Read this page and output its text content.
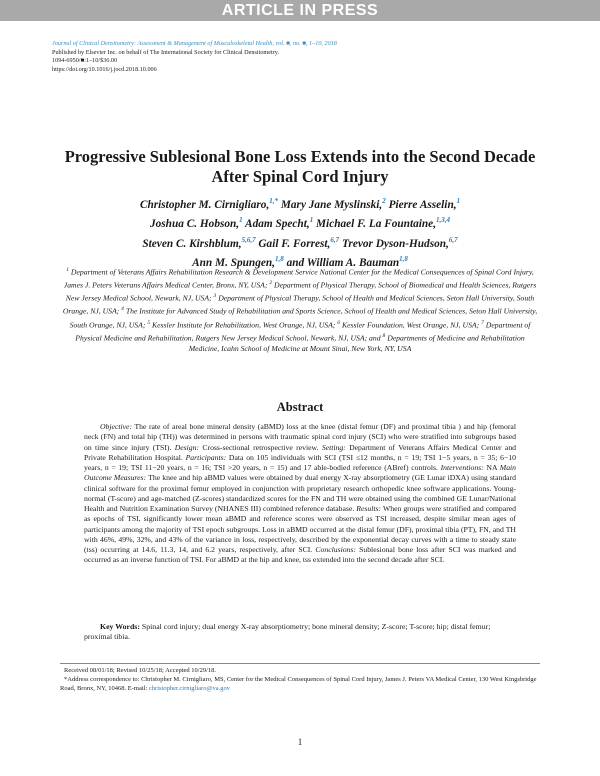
ARTICLE IN PRESS
Journal of Clinical Densitometry: Assessment & Management of Musculoskeletal Health, vol. ■, no. ■, 1–10, 2018
Published by Elsevier Inc. on behalf of The International Society for Clinical Densitometry.
1094-6950/■:1–10/$36.00
https://doi.org/10.1016/j.jocd.2018.10.006
Progressive Sublesional Bone Loss Extends into the Second Decade After Spinal Cord Injury
Christopher M. Cirnigliaro,$^{1,*}$ Mary Jane Myslinski,$^2$ Pierre Asselin,$^1$
Joshua C. Hobson,$^1$ Adam Specht,$^1$ Michael F. La Fountaine,$^{1,3,4}$
Steven C. Kirshblum,$^{5,6,7}$ Gail F. Forrest,$^{6,7}$ Trevor Dyson-Hudson,$^{6,7}$
Ann M. Spungen,$^{1,8}$ and William A. Bauman$^{1,8}$
$^1$ Department of Veterans Affairs Rehabilitation Research & Development Service National Center for the Medical Consequences of Spinal Cord Injury, James J. Peters Veterans Affairs Medical Center, Bronx, NY, USA; $^2$ Department of Physical Therapy, School of Biomedical and Health Sciences, Rutgers New Jersey Medical School, Newark, NJ, USA; $^3$ Department of Physical Therapy, School of Health and Medical Sciences, Seton Hall University, South Orange, NJ, USA; $^4$ The Institute for Advanced Study of Rehabilitation and Sports Science, School of Health and Medical Sciences, Seton Hall University, South Orange, NJ, USA; $^5$ Kessler Institute for Rehabilitation, West Orange, NJ, USA; $^6$ Kessler Foundation, West Orange, NJ, USA; $^7$ Department of Physical Medicine and Rehabilitation, Rutgers New Jersey Medical School, Newark, NJ, USA; and $^8$ Departments of Medicine and Rehabilitation Medicine, Icahn School of Medicine at Mount Sinai, New York, NY, USA
Abstract

Objective: The rate of areal bone mineral density (aBMD) loss at the knee (distal femur (DF) and proximal tibia ) and hip (femoral neck (FN) and total hip (TH)) was determined in persons with traumatic spinal cord injury (SCI) who were stratified into subgroups based on time since injury (TSI). Design: Cross-sectional retrospective review. Setting: Department of Veterans Affairs Medical Center and Private Rehabilitation Hospital. Participants: Data on 105 individuals with SCI (TSI ≤12 months, n = 19; TSI 1−5 years, n = 35; 6−10 years, n = 19; TSI 11−20 years, n = 16; TSI >20 years, n = 15) and 17 able-bodied reference (ABref) controls. Interventions: NA Main Outcome Measures: The knee and hip aBMD values were obtained by dual energy X-ray absorptiometry (GE Lunar iDXA) using standard clinical software for the proximal femur employed in conjunction with proprietary research orthopedic knee software applications. Young-normal (T-score) and age-matched (Z-scores) standardized scores for the FN and TH were obtained using the combined GE Lunar/National Health and Nutrition Examination Survey (NHANES III) combined reference database. Results: When groups were stratified and compared as epochs of TSI, significantly lower mean aBMD and reference scores were observed as TSI increased, despite similar mean ages of participants among the majority of TSI epoch subgroups. Loss in aBMD occurred at the distal femur (DF), proximal tibia (PT), FN, and TH with 46%, 49%, 32%, and 43% of the variance in loss, respectively, described by the exponential decay curves with a time to steady state (tss) occurring at 14.6, 11.3, 14, and 6.2 years, respectively, after SCI. Conclusions: Sublesional bone loss after SCI was marked and occurred as an inverse function of TSI. For aBMD at the hip and knee, tss extended into the second decade after SCI.

Key Words: Spinal cord injury; dual energy X-ray absorptiometry; bone mineral density; Z-score; T-score; hip; distal femur; proximal tibia.

Received 08/01/18; Revised 10/25/18; Accepted 10/29/18.

*Address correspondence to: Christopher M. Cirnigliaro, MS, Center for the Medical Consequences of Spinal Cord Injury, James J. Peters VA Medical Center, 130 West Kingsbridge Road, Bronx, NY, 10468. E-mail: christopher.cirnigliaro@va.gov

1
